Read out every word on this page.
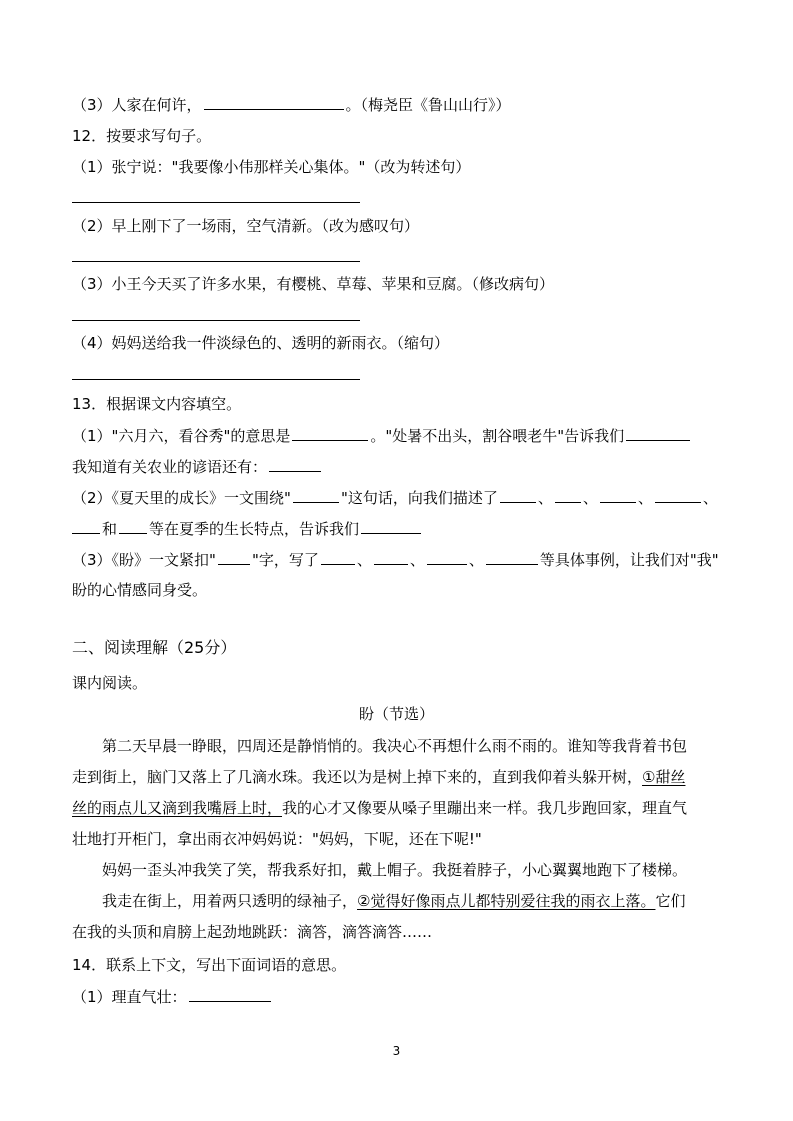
（3）人家在何许，	。（梅尧臣《鲁山山行》）
12．按要求写句子。
（1）张宁说："我要像小伟那样关心集体。"（改为转述句）
（2）早上刚下了一场雨，空气清新。（改为感叹句）
（3）小王今天买了许多水果，有樱桃、草莓、苹果和豆腐。（修改病句）
（4）妈妈送给我一件淡绿色的、透明的新雨衣。（缩句）
13．根据课文内容填空。
（1）"六月六，看谷秀"的意思是	。"处暑不出头，割谷喂老牛"告诉我们
我知道有关农业的谚语还有：
（2）《夏天里的成长》一文围绕"	"这句话，向我们描述了	、 、	、	、
和 等在夏季的生长特点，告诉我们
（3）《盼》一文紧扣" "字，写了	、	、	、	等具体事例，让我们对"我"
盼的心情感同身受。
二、阅读理解（25分）
课内阅读。
盼（节选）
第二天早晨一睁眼，四周还是静悄悄的。我决心不再想什么雨不雨的。谁知等我背着书包
走到街上，脑门又落上了几滴水珠。我还以为是树上掉下来的，直到我仰着头躲开树，①甜丝
丝的雨点儿又滴到我嘴唇上时，我的心才又像要从嗓子里蹦出来一样。我几步跑回家，理直气
壮地打开柜门，拿出雨衣冲妈妈说："妈妈，下呢，还在下呢!"
妈妈一歪头冲我笑了笑，帮我系好扣，戴上帽子。我挺着脖子，小心翼翼地跑下了楼梯。
我走在街上，用着两只透明的绿袖子，②觉得好像雨点儿都特别爱往我的雨衣上落。它们
在我的头顶和肩膀上起劲地跳跃：滴答，滴答滴答……
14．联系上下文，写出下面词语的意思。
（1）理直气壮：
3
